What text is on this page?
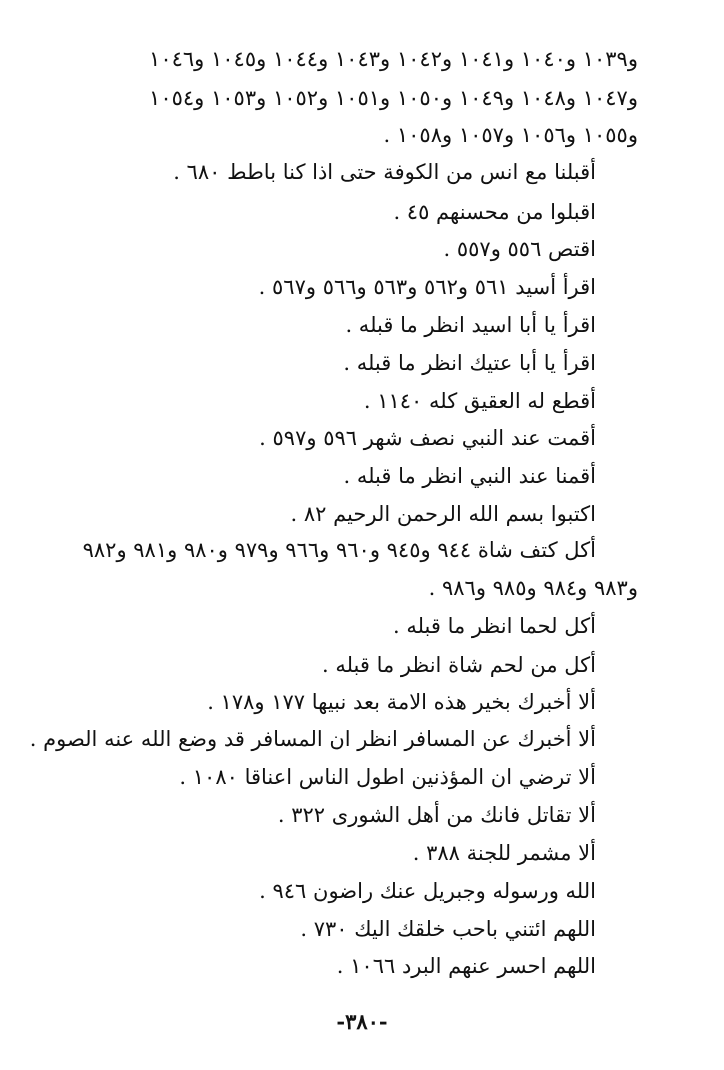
و١٠٣٩ و١٠٤٠ و١٠٤١ و١٠٤٢ و١٠٤٣ و١٠٤٤ و١٠٤٥ و١٠٤٦
و١٠٤٧ و١٠٤٨ و١٠٤٩ و١٠٥٠ و١٠٥١ و١٠٥٢ و١٠٥٣ و١٠٥٤
و١٠٥٥ و١٠٥٦ و١٠٥٧ و١٠٥٨ .
أقبلنا مع انس من الكوفة حتى اذا كنا باطط ٦٨٠ .
اقبلوا من محسنهم ٤٥ .
اقتص ٥٥٦ و٥٥٧ .
اقرأ أسيد ٥٦١ و٥٦٢ و٥٦٣ و٥٦٦ و٥٦٧ .
اقرأ يا أبا اسيد انظر ما قبله .
اقرأ يا أبا عتيك انظر ما قبله .
أقطع له العقيق كله ١١٤٠ .
أقمت عند النبي نصف شهر ٥٩٦ و٥٩٧ .
أقمنا عند النبي انظر ما قبله .
اكتبوا بسم الله الرحمن الرحيم ٨٢ .
أكل كتف شاة ٩٤٤ و٩٤٥ و٩٦٠ و٩٦٦ و٩٧٩ و٩٨٠ و٩٨١ و٩٨٢
و٩٨٣ و٩٨٤ و٩٨٥ و٩٨٦ .
أكل لحما انظر ما قبله .
أكل من لحم شاة انظر ما قبله .
ألا أخبرك بخير هذه الامة بعد نبيها ١٧٧ و١٧٨ .
ألا أخبرك عن المسافر انظر ان المسافر قد وضع الله عنه الصوم .
ألا ترضي ان المؤذنين اطول الناس اعناقا ١٠٨٠ .
ألا تقاتل فانك من أهل الشورى ٣٢٢ .
ألا مشمر للجنة ٣٨٨ .
الله ورسوله وجبريل عنك راضون ٩٤٦ .
اللهم ائتني باحب خلقك اليك ٧٣٠ .
اللهم احسر عنهم البرد ١٠٦٦ .
-٣٨٠-
